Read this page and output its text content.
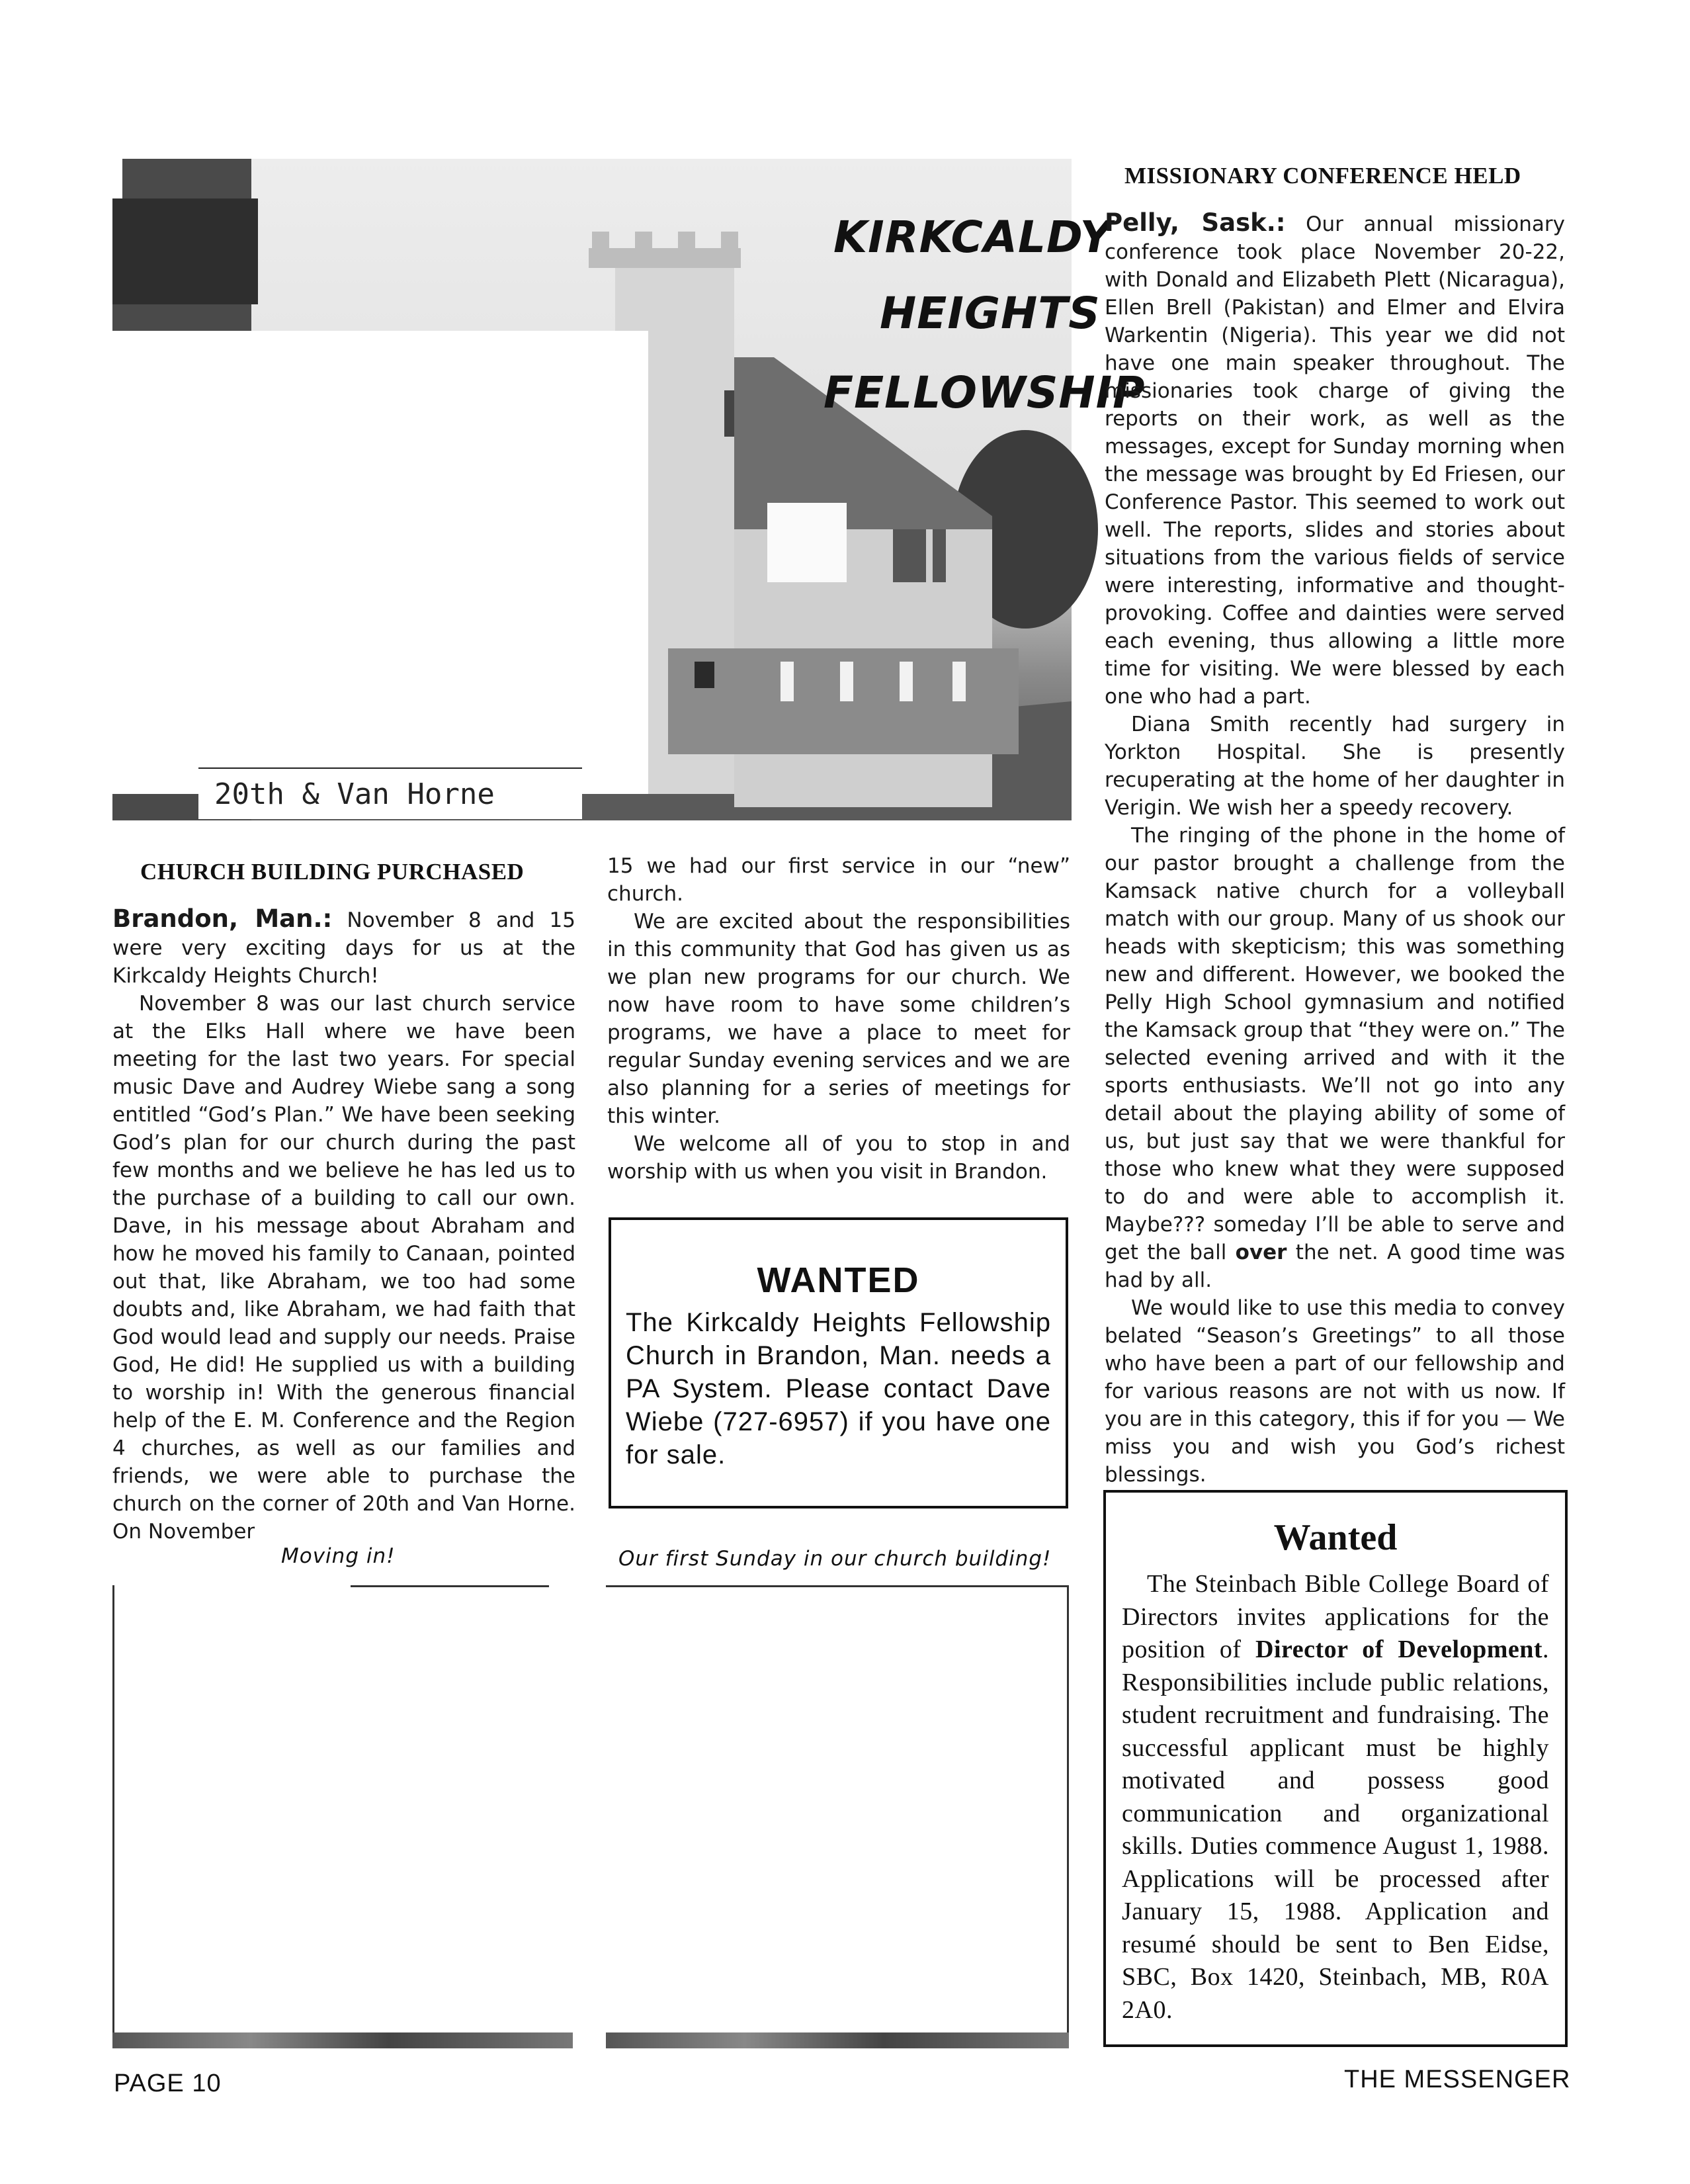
KIRKCALDY
HEIGHTS
FELLOWSHIP
20th & Van Horne
CHURCH BUILDING PURCHASED

Brandon, Man.: November 8 and 15 were very exciting days for us at the Kirkcaldy Heights Church!

November 8 was our last church service at the Elks Hall where we have been meeting for the last two years. For special music Dave and Audrey Wiebe sang a song entitled “God’s Plan.” We have been seeking God’s plan for our church during the past few months and we believe he has led us to the purchase of a building to call our own. Dave, in his message about Abraham and how he moved his family to Canaan, pointed out that, like Abraham, we too had some doubts and, like Abraham, we had faith that God would lead and supply our needs. Praise God, He did! He supplied us with a building to worship in! With the generous financial help of the E. M. Conference and the Region 4 churches, as well as our families and friends, we were able to purchase the church on the corner of 20th and Van Horne. On November

15 we had our first service in our “new” church.

We are excited about the responsibilities in this community that God has given us as we plan new programs for our church. We now have room to have some children’s programs, we have a place to meet for regular Sunday evening services and we are also planning for a series of meetings for this winter.

We welcome all of you to stop in and worship with us when you visit in Brandon.

WANTED
The Kirkcaldy Heights Fellowship Church in Brandon, Man. needs a PA System. Please contact Dave Wiebe (727-6957) if you have one for sale.
MISSIONARY CONFERENCE HELD

Pelly, Sask.: Our annual missionary conference took place November 20-22, with Donald and Elizabeth Plett (Nicaragua), Ellen Brell (Pakistan) and Elmer and Elvira Warkentin (Nigeria). This year we did not have one main speaker throughout. The missionaries took charge of giving the reports on their work, as well as the messages, except for Sunday morning when the message was brought by Ed Friesen, our Conference Pastor. This seemed to work out well. The reports, slides and stories about situations from the various fields of service were interesting, informative and thought-provoking. Coffee and dainties were served each evening, thus allowing a little more time for visiting. We were blessed by each one who had a part.

Diana Smith recently had surgery in Yorkton Hospital. She is presently recuperating at the home of her daughter in Verigin. We wish her a speedy recovery.

The ringing of the phone in the home of our pastor brought a challenge from the Kamsack native church for a volleyball match with our group. Many of us shook our heads with skepticism; this was something new and different. However, we booked the Pelly High School gymnasium and notified the Kamsack group that “they were on.” The selected evening arrived and with it the sports enthusiasts. We’ll not go into any detail about the playing ability of some of us, but just say that we were thankful for those who knew what they were supposed to do and were able to accomplish it. Maybe??? someday I’ll be able to serve and get the ball over the net. A good time was had by all.

We would like to use this media to convey belated “Season’s Greetings” to all those who have been a part of our fellowship and for various reasons are not with us now. If you are in this category, this if for you — We miss you and wish you God’s richest blessings.

Wanted
The Steinbach Bible College Board of Directors invites applications for the position of Director of Development. Responsibilities include public relations, student recruitment and fundraising. The successful applicant must be highly motivated and possess good communication and organizational skills. Duties commence August 1, 1988. Applications will be processed after January 15, 1988. Application and resumé should be sent to Ben Eidse, SBC, Box 1420, Steinbach, MB, R0A 2A0.
Moving in!	Our first Sunday in our church building!
PAGE 10	THE MESSENGER
